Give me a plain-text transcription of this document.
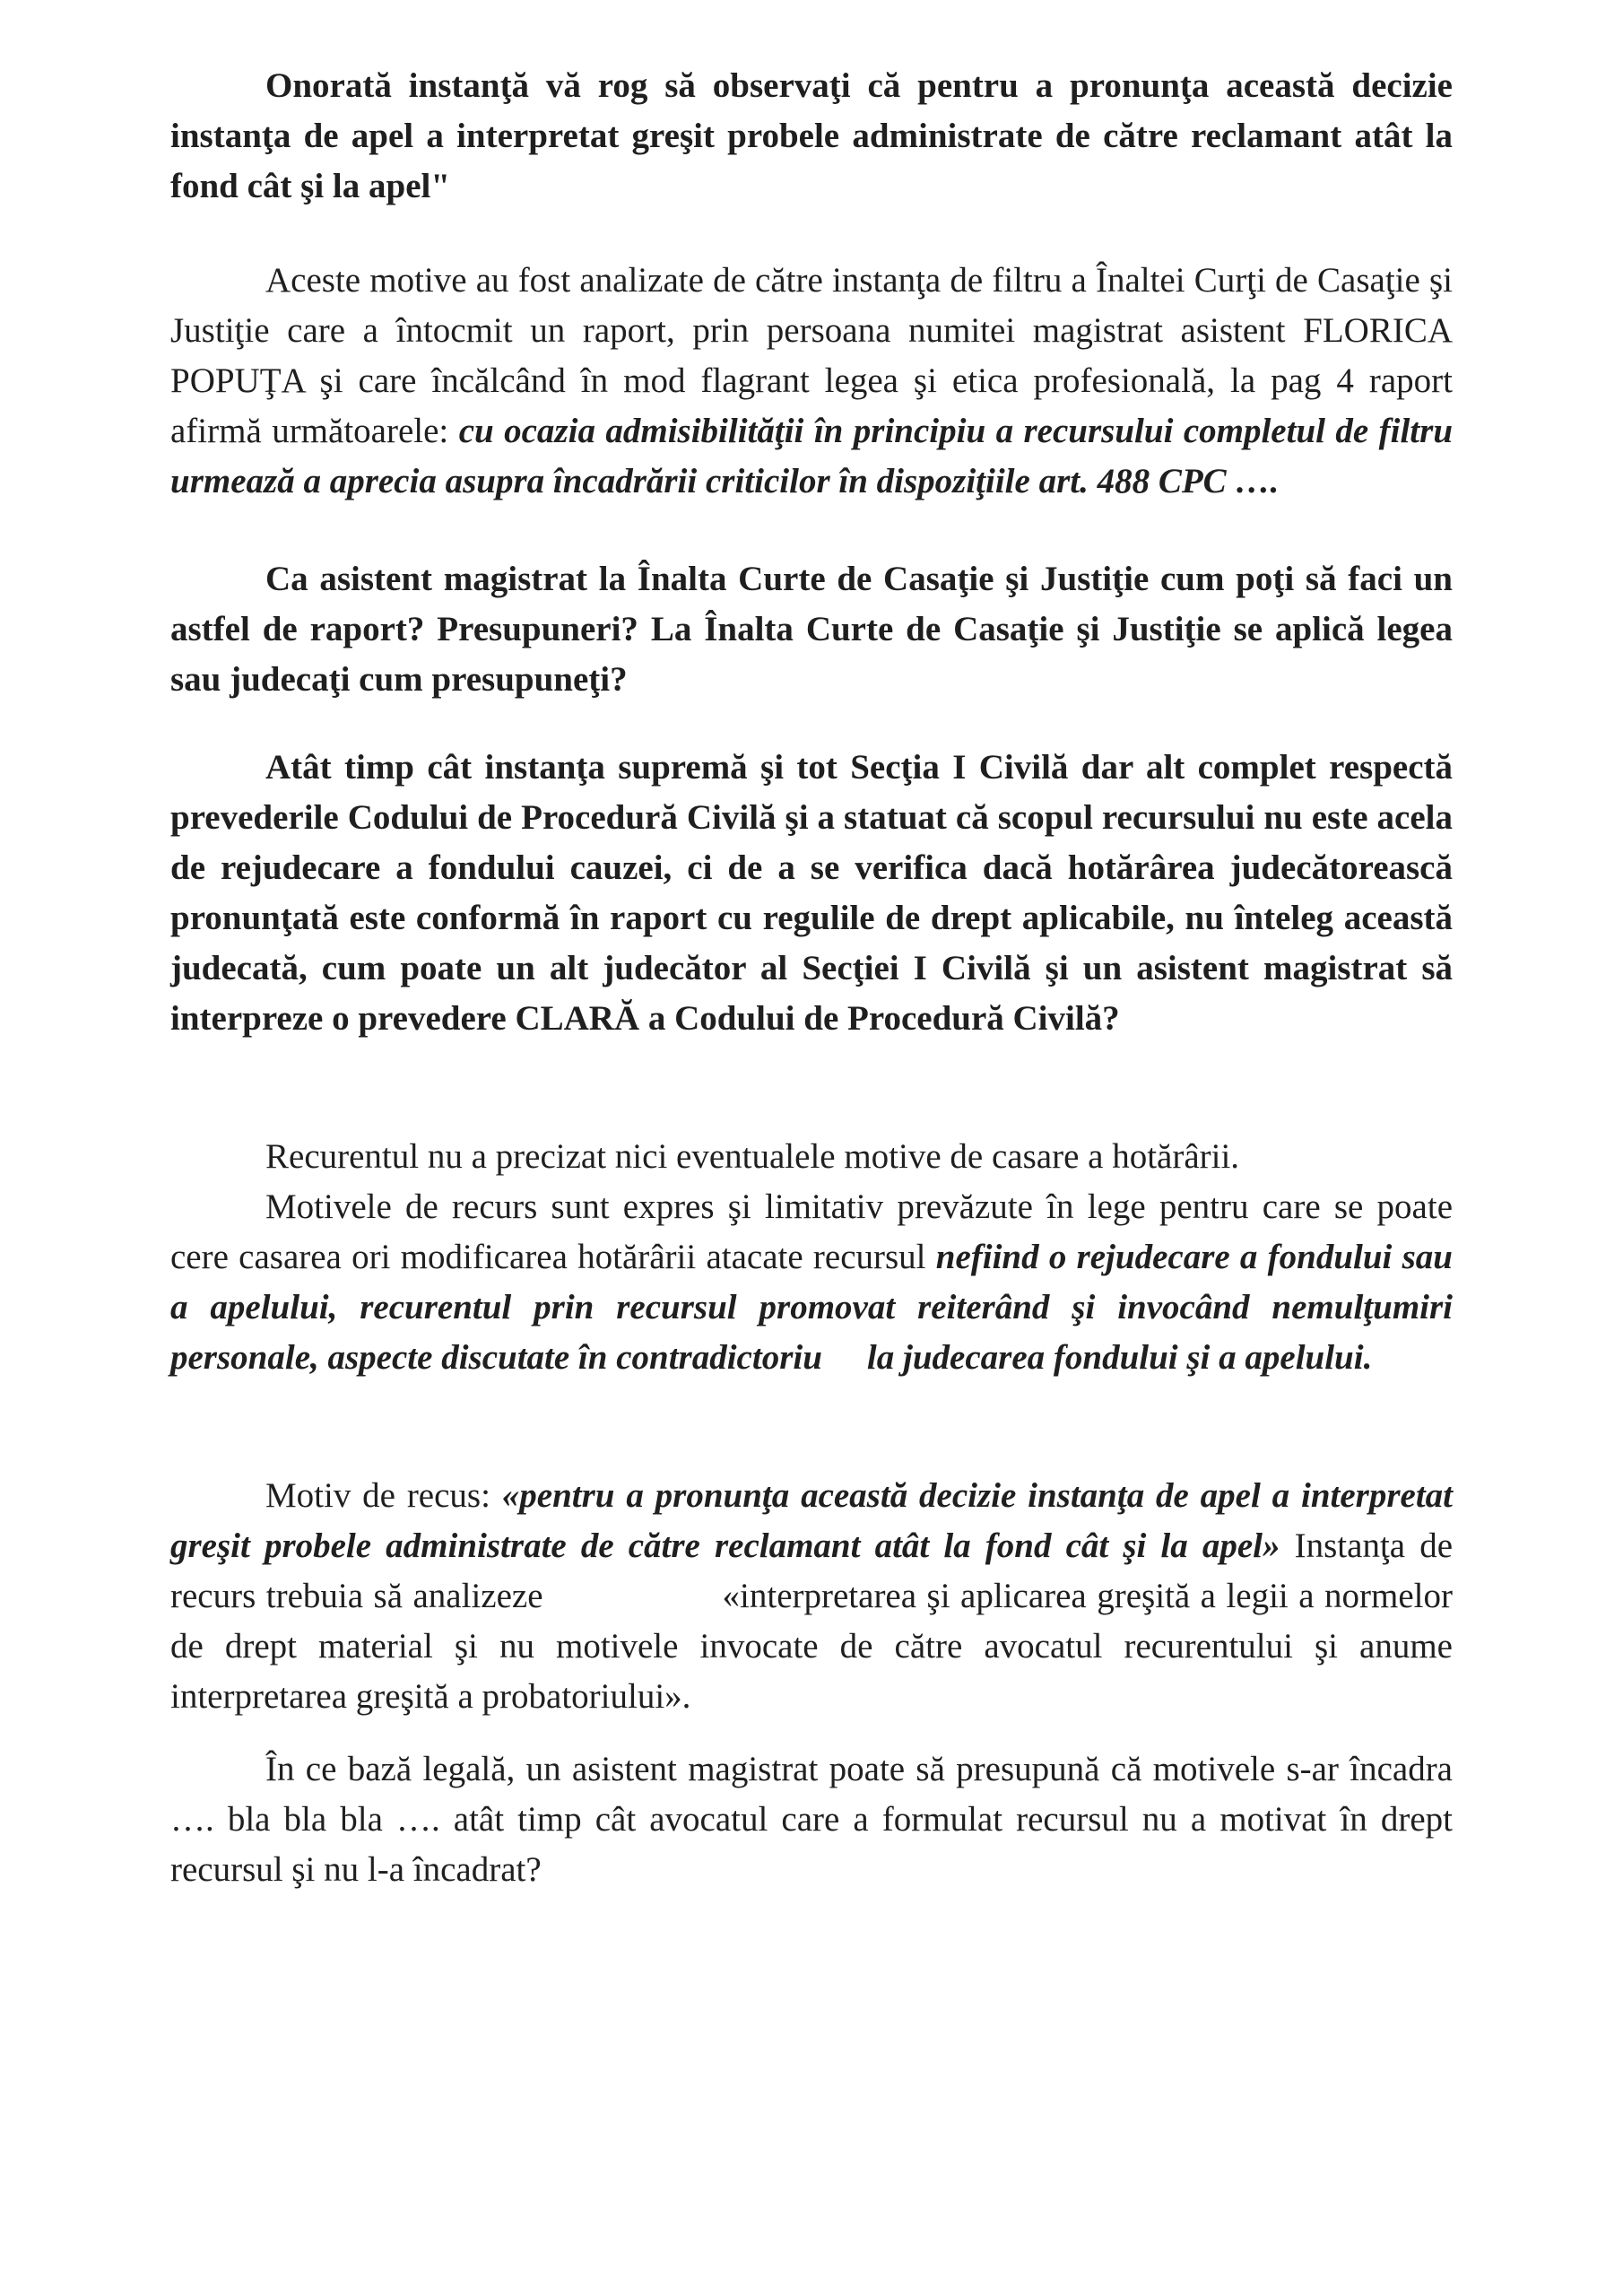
Onorată instanţă vă rog să observaţi că pentru a pronunţa această decizie instanţa de apel a interpretat greşit probele administrate de către reclamant atât la fond cât şi la apel"
Aceste motive au fost analizate de către instanţa de filtru a Înaltei Curţi de Casaţie şi Justiţie care a întocmit un raport, prin persoana numitei magistrat asistent FLORICA POPUŢA şi care încălcând în mod flagrant legea şi etica profesională, la pag 4 raport afirmă următoarele: cu ocazia admisibilităţii în principiu a recursului completul de filtru urmează a aprecia asupra încadrării criticilor în dispoziţiile art. 488 CPC ….
Ca asistent magistrat la Înalta Curte de Casaţie şi Justiţie cum poţi să faci un astfel de raport? Presupuneri? La Înalta Curte de Casaţie şi Justiţie se aplică legea sau judecaţi cum presupuneţi?
Atât timp cât instanţa supremă şi tot Secţia I Civilă dar alt complet respectă prevederile Codului de Procedură Civilă şi a statuat că scopul recursului nu este acela de rejudecare a fondului cauzei, ci de a se verifica dacă hotărârea judecătorească pronunţată este conformă în raport cu regulile de drept aplicabile, nu înteleg această judecată, cum poate un alt judecător al Secţiei I Civilă şi un asistent magistrat să interpreze o prevedere CLARĂ a Codului de Procedură Civilă?
Recurentul nu a precizat nici eventualele motive de casare a hotărârii.
Motivele de recurs sunt expres şi limitativ prevăzute în lege pentru care se poate cere casarea ori modificarea hotărârii atacate recursul nefiind o rejudecare a fondului sau a apelului, recurentul prin recursul promovat reiterând şi invocând nemulţumiri personale, aspecte discutate în contradictoriu la judecarea fondului şi a apelului.
Motiv de recus: «pentru a pronunţa această decizie instanţa de apel a interpretat greşit probele administrate de către reclamant atât la fond cât şi la apel» Instanţa de recurs trebuia să analizeze	«interpretarea şi aplicarea greşită a legii a normelor de drept material şi nu motivele invocate de către avocatul recurentului şi anume interpretarea greşită a probatoriului».
În ce bază legală, un asistent magistrat poate să presupună că motivele s-ar încadra …. bla bla bla …. atât timp cât avocatul care a formulat recursul nu a motivat în drept recursul şi nu l-a încadrat?
